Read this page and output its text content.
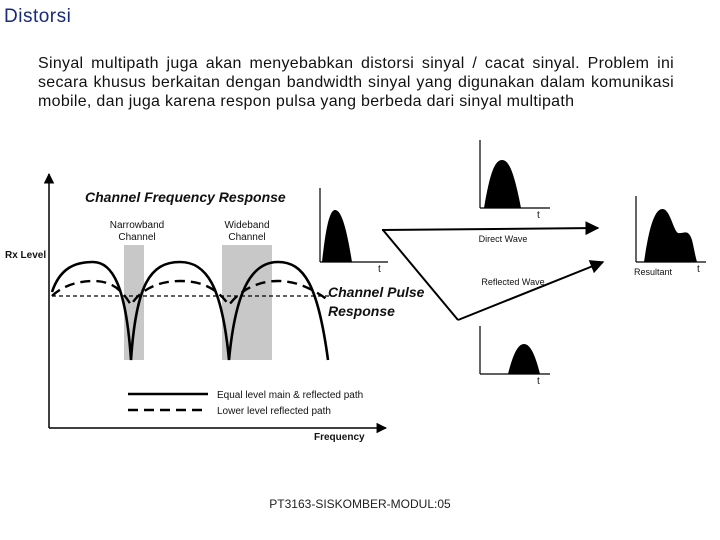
Distorsi
Sinyal multipath juga akan menyebabkan distorsi sinyal / cacat sinyal. Problem ini secara khusus berkaitan dengan bandwidth sinyal yang digunakan dalam komunikasi mobile, dan juga karena respon pulsa yang berbeda dari sinyal multipath
Channel Frequency Response
Narrowband
Channel
Wideband
Channel
Rx Level
Frequency
Equal level main & reflected path
Lower level reflected path
Channel Pulse
Response
t
t
Direct Wave
Reflected Wave
t
Resultant t
PT3163-SISKOMBER-MODUL:05
